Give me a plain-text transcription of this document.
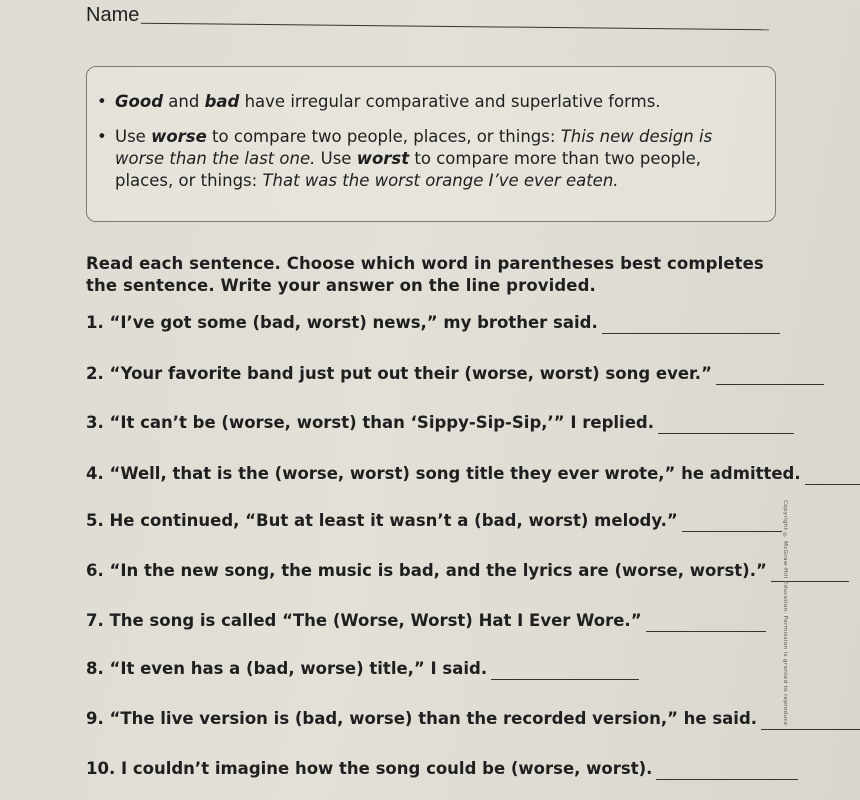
Name
• Good and bad have irregular comparative and superlative forms.
• Use worse to compare two people, places, or things: This new design is worse than the last one. Use worst to compare more than two people, places, or things: That was the worst orange I’ve ever eaten.
Read each sentence. Choose which word in parentheses best completes the sentence. Write your answer on the line provided.
1. “I’ve got some (bad, worst) news,” my brother said.
2. “Your favorite band just put out their (worse, worst) song ever.”
3. “It can’t be (worse, worst) than ‘Sippy-Sip-Sip,’” I replied.
4. “Well, that is the (worse, worst) song title they ever wrote,” he admitted.
5. He continued, “But at least it wasn’t a (bad, worst) melody.”
6. “In the new song, the music is bad, and the lyrics are (worse, worst).”
7. The song is called “The (Worse, Worst) Hat I Ever Wore.”
8. “It even has a (bad, worse) title,” I said.
9. “The live version is (bad, worse) than the recorded version,” he said.
10. I couldn’t imagine how the song could be (worse, worst).
Copyright © McGraw-Hill Education. Permission is granted to reproduce
